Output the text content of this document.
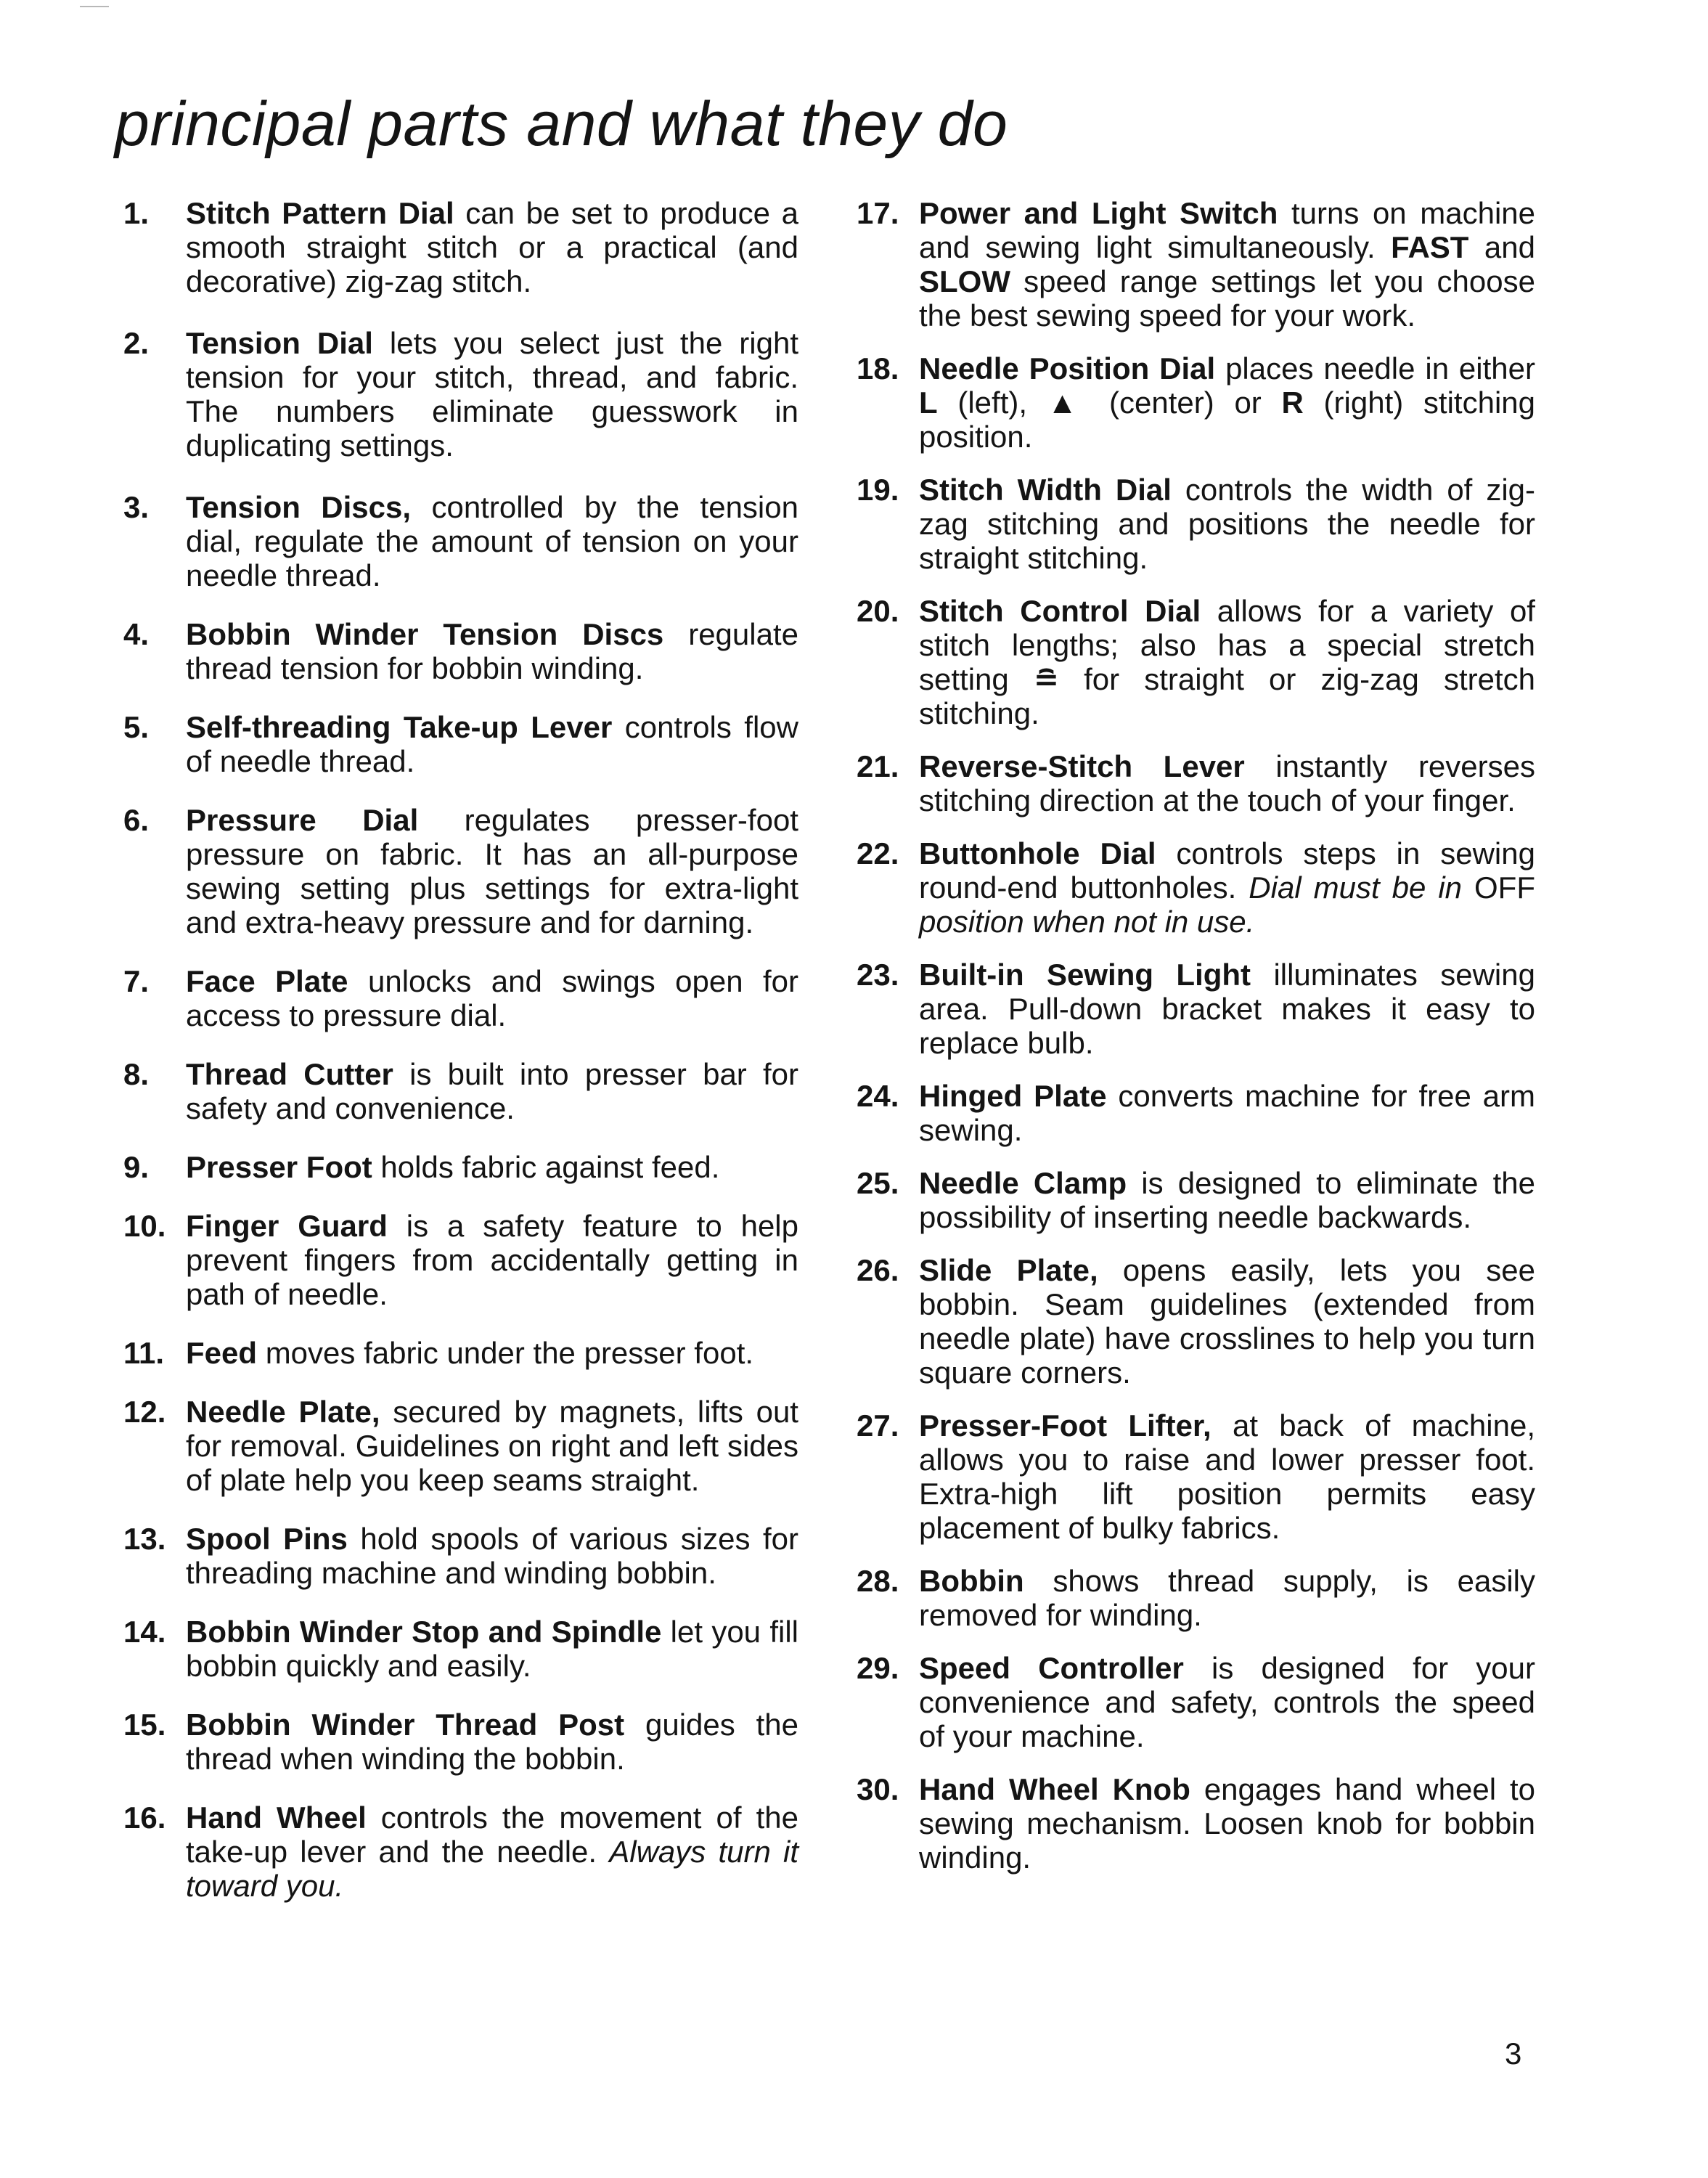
principal parts and what they do
1.	Stitch Pattern Dial can be set to produce a smooth straight stitch or a practical (and decorative) zig-zag stitch.
2.	Tension Dial lets you select just the right tension for your stitch, thread, and fabric. The numbers eliminate guesswork in duplicating settings.
3.	Tension Discs, controlled by the tension dial, regulate the amount of tension on your needle thread.
4.	Bobbin Winder Tension Discs regulate thread tension for bobbin winding.
5.	Self-threading Take-up Lever controls flow of needle thread.
6.	Pressure Dial regulates presser-foot pressure on fabric. It has an all-purpose sewing setting plus settings for extra-light and extra-heavy pressure and for darning.
7.	Face Plate unlocks and swings open for access to pressure dial.
8.	Thread Cutter is built into presser bar for safety and convenience.
9.	Presser Foot holds fabric against feed.
10. Finger Guard is a safety feature to help prevent fingers from accidentally getting in path of needle.
11. Feed moves fabric under the presser foot.
12. Needle Plate, secured by magnets, lifts out for removal. Guidelines on right and left sides of plate help you keep seams straight.
13. Spool Pins hold spools of various sizes for threading machine and winding bobbin.
14. Bobbin Winder Stop and Spindle let you fill bobbin quickly and easily.
15. Bobbin Winder Thread Post guides the thread when winding the bobbin.
16. Hand Wheel controls the movement of the take-up lever and the needle. Always turn it toward you.
17. Power and Light Switch turns on machine and sewing light simultaneously. FAST and SLOW speed range settings let you choose the best sewing speed for your work.
18. Needle Position Dial places needle in either L (left), ▲ (center) or R (right) stitching position.
19. Stitch Width Dial controls the width of zig-zag stitching and positions the needle for straight stitching.
20. Stitch Control Dial allows for a variety of stitch lengths; also has a special stretch setting ≘ for straight or zig-zag stretch stitching.
21. Reverse-Stitch Lever instantly reverses stitching direction at the touch of your finger.
22. Buttonhole Dial controls steps in sewing round-end buttonholes. Dial must be in OFF position when not in use.
23. Built-in Sewing Light illuminates sewing area. Pull-down bracket makes it easy to replace bulb.
24. Hinged Plate converts machine for free arm sewing.
25. Needle Clamp is designed to eliminate the possibility of inserting needle backwards.
26. Slide Plate, opens easily, lets you see bobbin. Seam guidelines (extended from needle plate) have crosslines to help you turn square corners.
27. Presser-Foot Lifter, at back of machine, allows you to raise and lower presser foot. Extra-high lift position permits easy placement of bulky fabrics.
28. Bobbin shows thread supply, is easily removed for winding.
29. Speed Controller is designed for your convenience and safety, controls the speed of your machine.
30. Hand Wheel Knob engages hand wheel to sewing mechanism. Loosen knob for bobbin winding.
3
